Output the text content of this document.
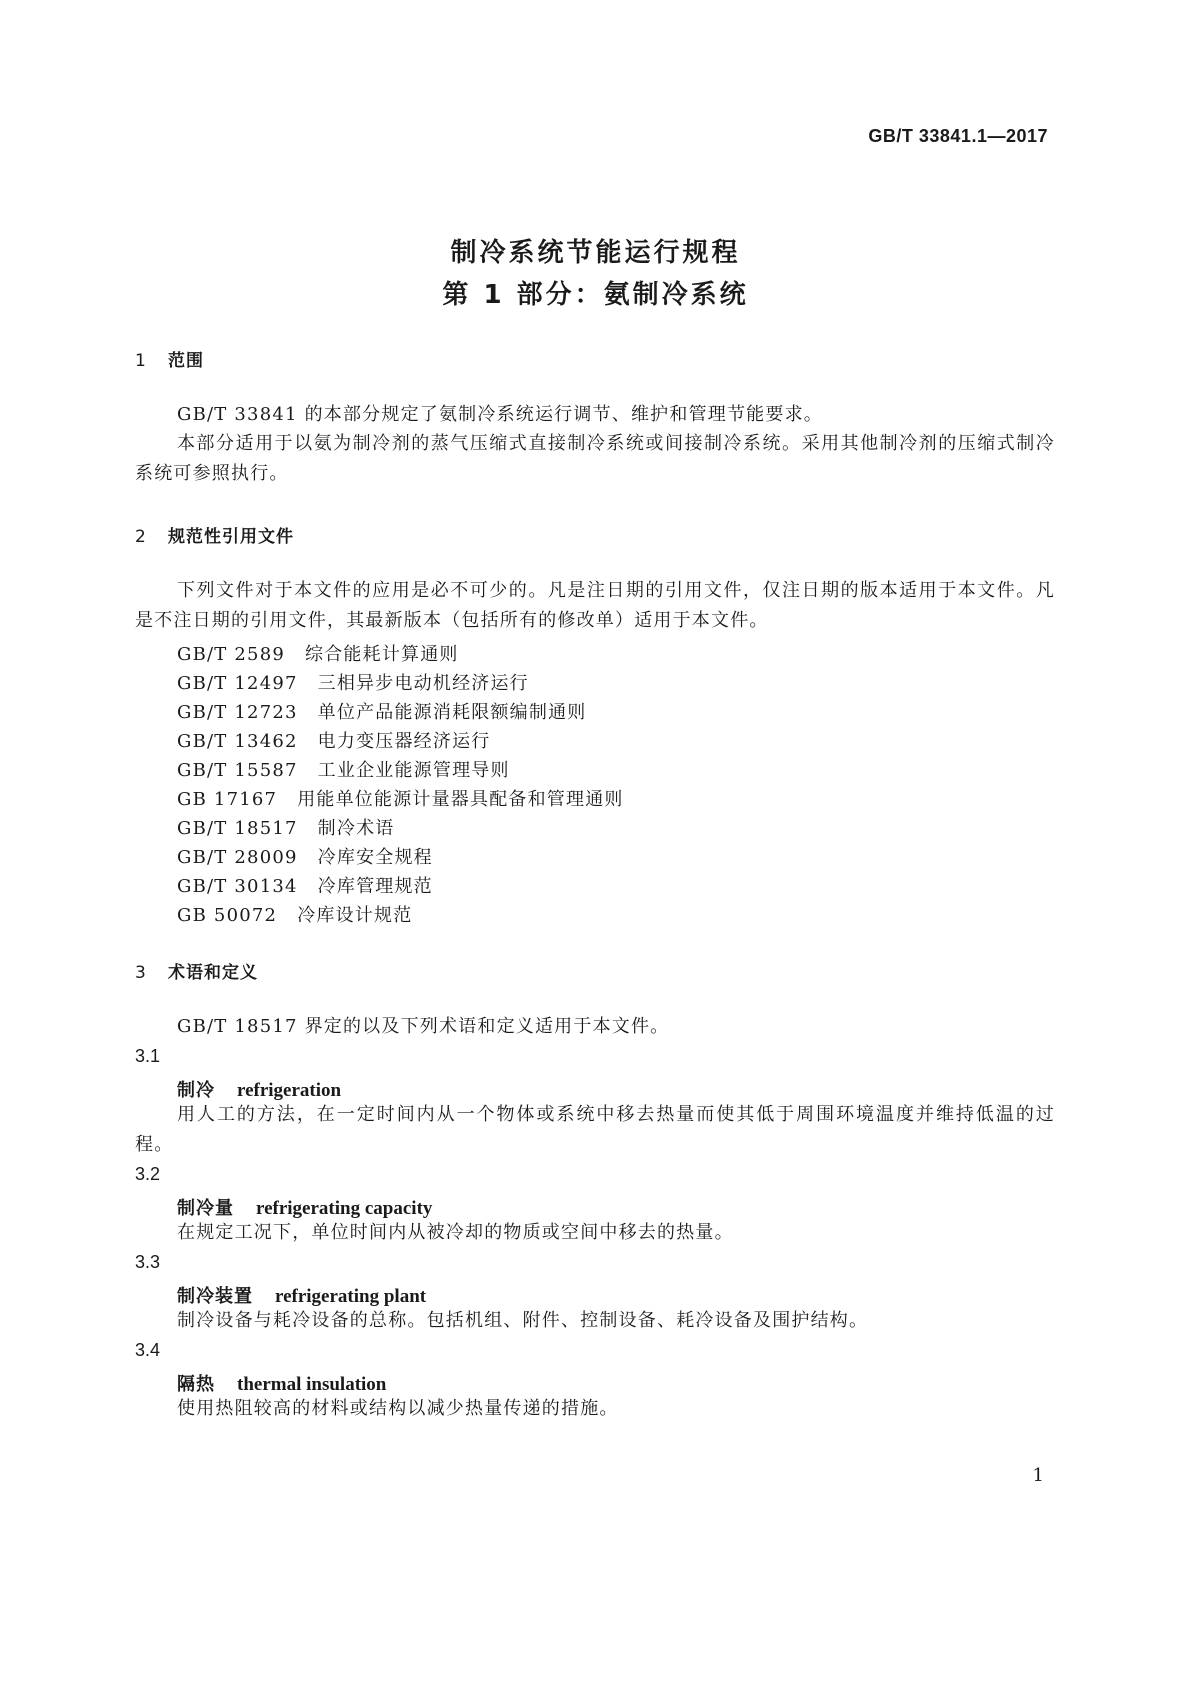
GB/T 33841.1—2017
制冷系统节能运行规程
第 1 部分：氨制冷系统
1 范围
GB/T 33841 的本部分规定了氨制冷系统运行调节、维护和管理节能要求。
本部分适用于以氨为制冷剂的蒸气压缩式直接制冷系统或间接制冷系统。采用其他制冷剂的压缩式制冷系统可参照执行。
2 规范性引用文件
下列文件对于本文件的应用是必不可少的。凡是注日期的引用文件，仅注日期的版本适用于本文件。凡是不注日期的引用文件，其最新版本（包括所有的修改单）适用于本文件。
GB/T 2589 综合能耗计算通则
GB/T 12497 三相异步电动机经济运行
GB/T 12723 单位产品能源消耗限额编制通则
GB/T 13462 电力变压器经济运行
GB/T 15587 工业企业能源管理导则
GB 17167 用能单位能源计量器具配备和管理通则
GB/T 18517 制冷术语
GB/T 28009 冷库安全规程
GB/T 30134 冷库管理规范
GB 50072 冷库设计规范
3 术语和定义
GB/T 18517 界定的以及下列术语和定义适用于本文件。
3.1
制冷 refrigeration
用人工的方法，在一定时间内从一个物体或系统中移去热量而使其低于周围环境温度并维持低温的过程。
3.2
制冷量 refrigerating capacity
在规定工况下，单位时间内从被冷却的物质或空间中移去的热量。
3.3
制冷装置 refrigerating plant
制冷设备与耗冷设备的总称。包括机组、附件、控制设备、耗冷设备及围护结构。
3.4
隔热 thermal insulation
使用热阻较高的材料或结构以减少热量传递的措施。
1
